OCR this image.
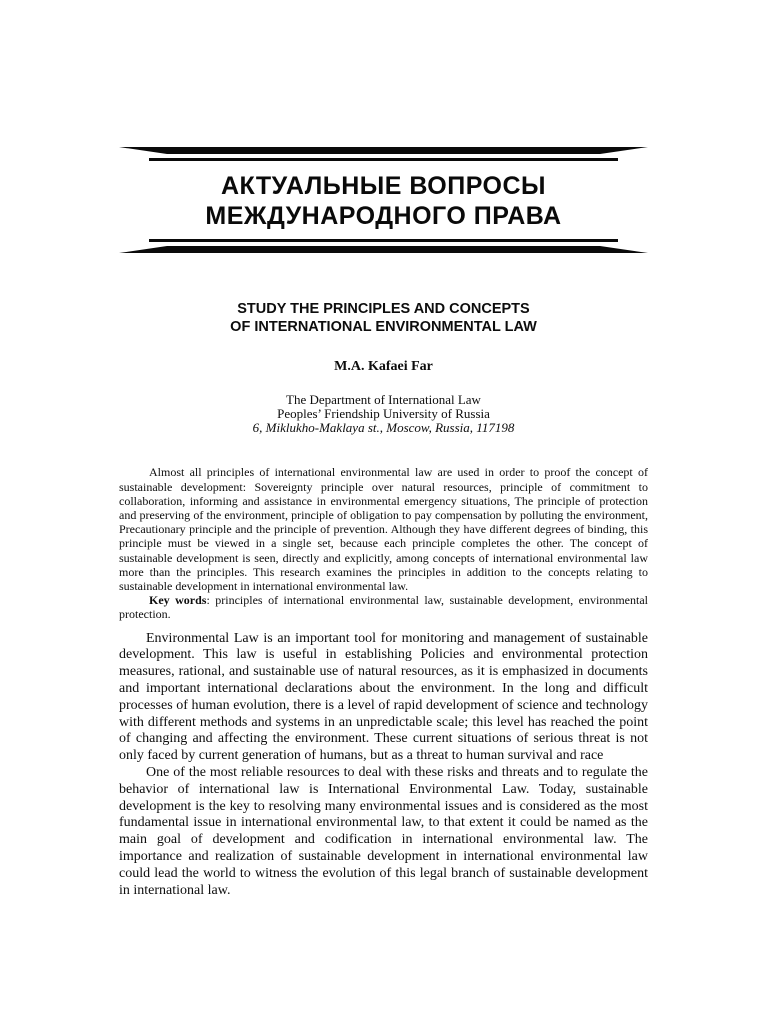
АКТУАЛЬНЫЕ ВОПРОСЫ
МЕЖДУНАРОДНОГО ПРАВА
STUDY THE PRINCIPLES AND CONCEPTS
OF INTERNATIONAL ENVIRONMENTAL LAW

M.A. Kafaei Far

The Department of International Law
Peoples’ Friendship University of Russia
6, Miklukho-Maklaya st., Moscow, Russia, 117198

Almost all principles of international environmental law are used in order to proof the concept of sustainable development: Sovereignty principle over natural resources, principle of commitment to collaboration, informing and assistance in environmental emergency situations, The principle of protection and preserving of the environment, principle of obligation to pay compensation by polluting the environment, Precautionary principle and the principle of prevention. Although they have different degrees of binding, this principle must be viewed in a single set, because each principle completes the other. The concept of sustainable development is seen, directly and explicitly, among concepts of international environmental law more than the principles. This research examines the principles in addition to the concepts relating to sustainable development in international environmental law.

Key words: principles of international environmental law, sustainable development, environmental protection.

Environmental Law is an important tool for monitoring and management of sustainable development. This law is useful in establishing Policies and environmental protection measures, rational, and sustainable use of natural resources, as it is emphasized in documents and important international declarations about the environment. In the long and difficult processes of human evolution, there is a level of rapid development of science and technology with different methods and systems in an unpredictable scale; this level has reached the point of changing and affecting the environment. These current situations of serious threat is not only faced by current generation of humans, but as a threat to human survival and race

One of the most reliable resources to deal with these risks and threats and to regulate the behavior of international law is International Environmental Law. Today, sustainable development is the key to resolving many environmental issues and is considered as the most fundamental issue in international environmental law, to that extent it could be named as the main goal of development and codification in international environmental law. The importance and realization of sustainable development in international environmental law could lead the world to witness the evolution of this legal branch of sustainable development in international law.
